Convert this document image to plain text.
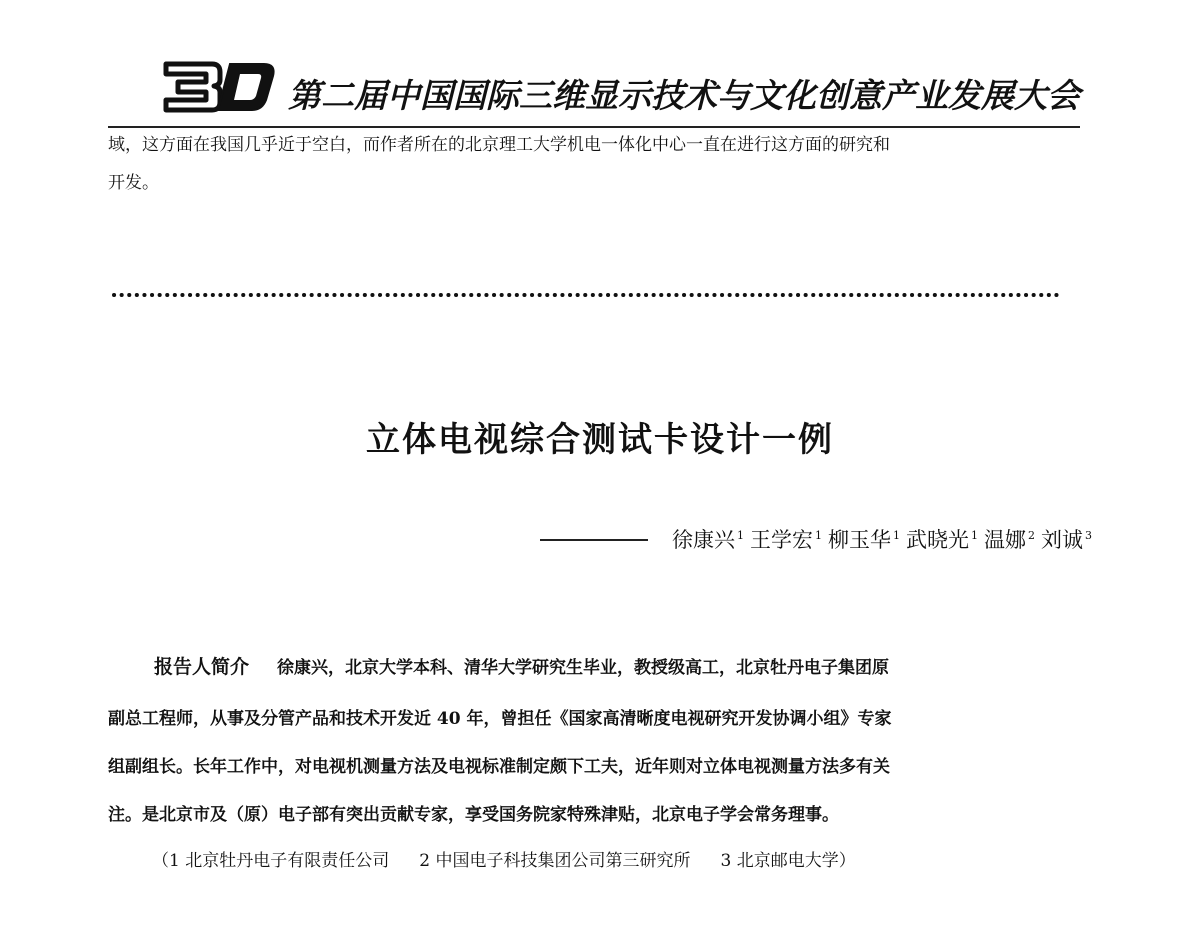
第二届中国国际三维显示技术与文化创意产业发展大会
域，这方面在我国几乎近于空白，而作者所在的北京理工大学机电一体化中心一直在进行这方面的研究和
开发。
立体电视综合测试卡设计一例
徐康兴 $^1$ 王学宏 $^1$ 柳玉华 $^1$ 武晓光 $^1$ 温娜 $^2$ 刘诚 $^3$
报告人简介 徐康兴，北京大学本科、清华大学研究生毕业，教授级高工，北京牡丹电子集团原
副总工程师，从事及分管产品和技术开发近 40 年，曾担任《国家高清晰度电视研究开发协调小组》专家
组副组长。长年工作中，对电视机测量方法及电视标准制定颇下工夫，近年则对立体电视测量方法多有关
注。是北京市及（原）电子部有突出贡献专家，享受国务院家特殊津贴，北京电子学会常务理事。
（1 北京牡丹电子有限责任公司 2 中国电子科技集团公司第三研究所 3 北京邮电大学）
